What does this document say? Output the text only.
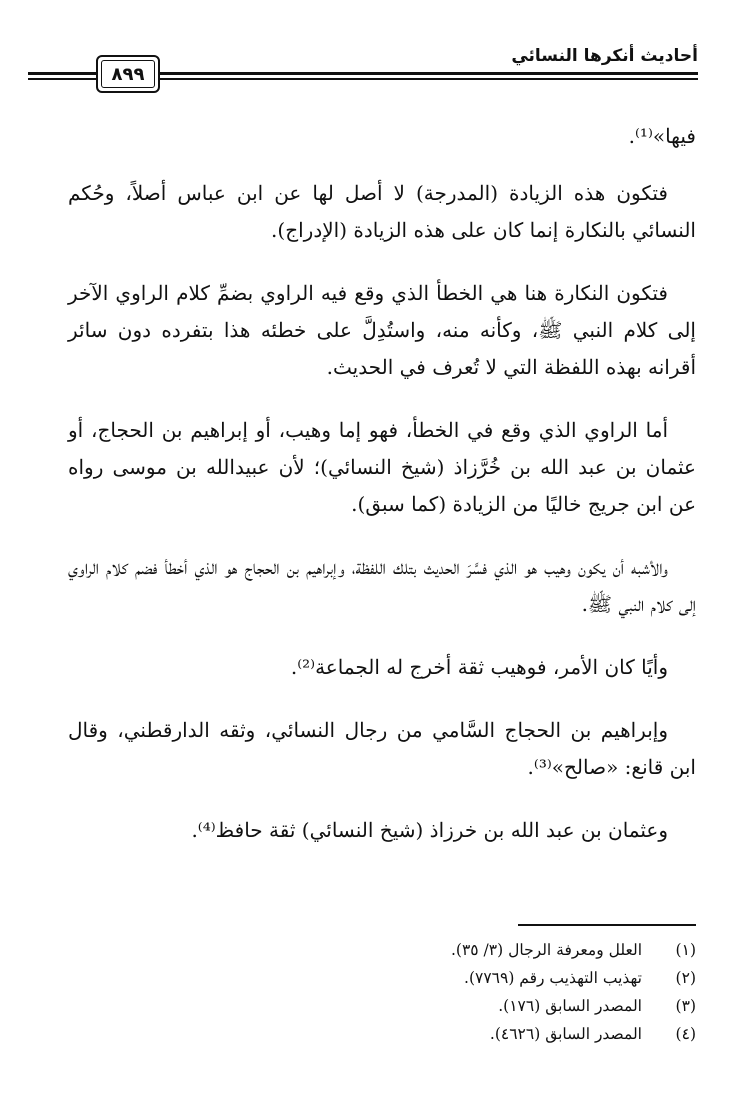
أحاديث أنكرها النسائي
٨٩٩

فيها»⁽¹⁾.

فتكون هذه الزيادة (المدرجة) لا أصل لها عن ابن عباس أصلاً، وحُكم النسائي بالنكارة إنما كان على هذه الزيادة (الإدراج).

فتكون النكارة هنا هي الخطأ الذي وقع فيه الراوي بضمِّ كلام الراوي الآخر إلى كلام النبي ﷺ، وكأنه منه، واستُدِلَّ على خطئه هذا بتفرده دون سائر أقرانه بهذه اللفظة التي لا تُعرف في الحديث.

أما الراوي الذي وقع في الخطأ، فهو إما وهيب، أو إبراهيم بن الحجاج، أو عثمان بن عبد الله بن خُرَّزاذ (شيخ النسائي)؛ لأن عبيدالله بن موسى رواه عن ابن جريج خاليًا من الزيادة (كما سبق).

والأشبه أن يكون وهيب هو الذي فسَّرَ الحديث بتلك اللفظة، وإبراهيم بن الحجاج هو الذي أخطأ فضم كلام الراوي إلى كلام النبي ﷺ.

وأيًا كان الأمر، فوهيب ثقة أخرج له الجماعة⁽²⁾.

وإبراهيم بن الحجاج السَّامي من رجال النسائي، وثقه الدارقطني، وقال ابن قانع: «صالح»⁽³⁾.

وعثمان بن عبد الله بن خرزاذ (شيخ النسائي) ثقة حافظ⁽⁴⁾.

(١)
العلل ومعرفة الرجال (٣/ ٣٥).
(٢)
تهذيب التهذيب رقم (٧٧٦٩).
(٣)
المصدر السابق (١٧٦).
(٤)
المصدر السابق (٤٦٢٦).
